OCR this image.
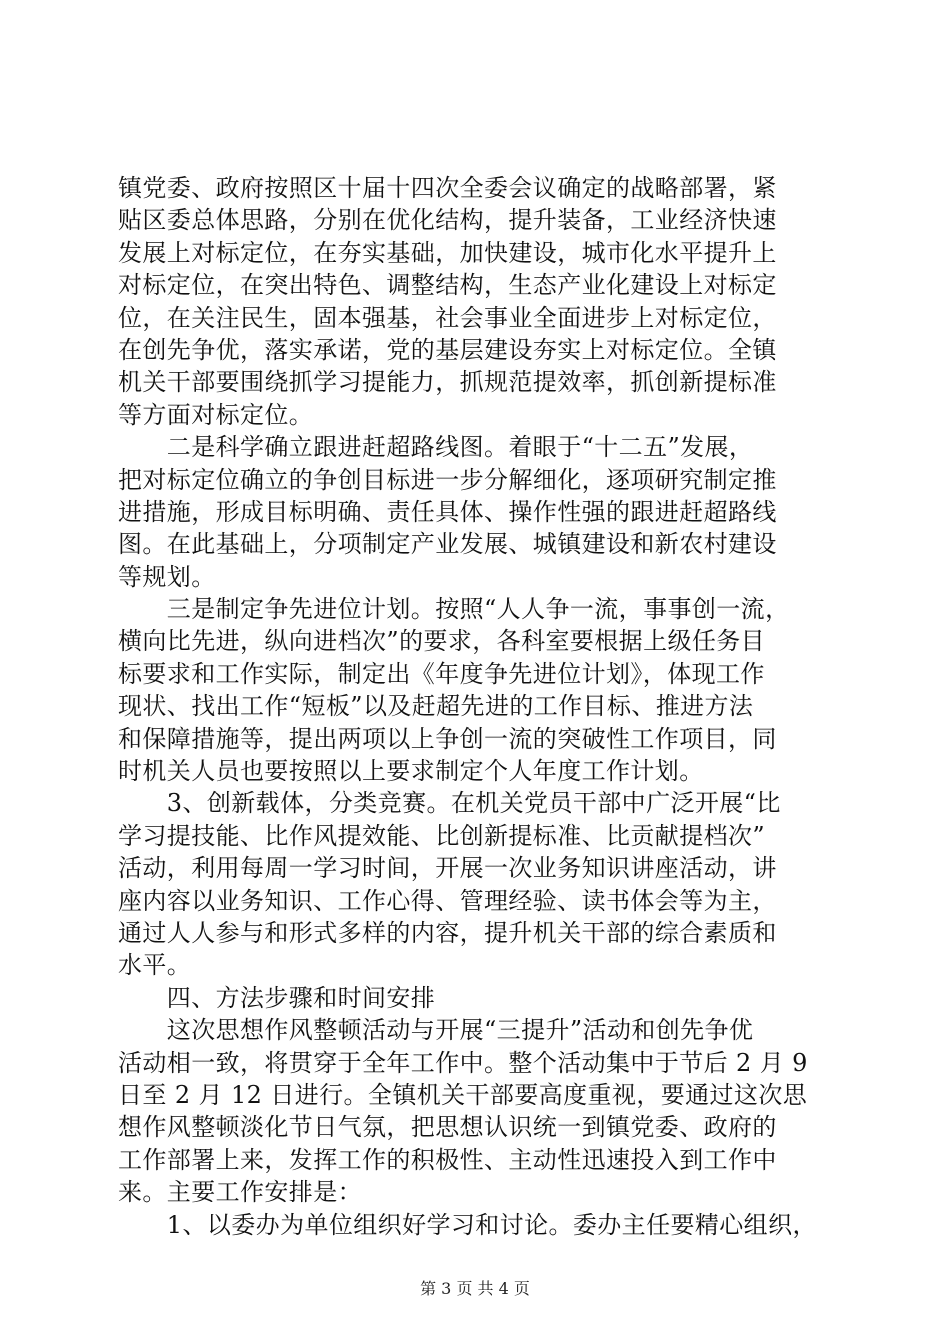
镇党委、政府按照区十届十四次全委会议确定的战略部署，紧
贴区委总体思路，分别在优化结构，提升装备，工业经济快速
发展上对标定位，在夯实基础，加快建设，城市化水平提升上
对标定位，在突出特色、调整结构，生态产业化建设上对标定
位，在关注民生，固本强基，社会事业全面进步上对标定位，
在创先争优，落实承诺，党的基层建设夯实上对标定位。全镇
机关干部要围绕抓学习提能力，抓规范提效率，抓创新提标准
等方面对标定位。
　　二是科学确立跟进赶超路线图。着眼于“十二五”发展，
把对标定位确立的争创目标进一步分解细化，逐项研究制定推
进措施，形成目标明确、责任具体、操作性强的跟进赶超路线
图。在此基础上，分项制定产业发展、城镇建设和新农村建设
等规划。
　　三是制定争先进位计划。按照“人人争一流，事事创一流，
横向比先进，纵向进档次”的要求，各科室要根据上级任务目
标要求和工作实际，制定出《年度争先进位计划》，体现工作
现状、找出工作“短板”以及赶超先进的工作目标、推进方法
和保障措施等，提出两项以上争创一流的突破性工作项目，同
时机关人员也要按照以上要求制定个人年度工作计划。
　　3、创新载体，分类竞赛。在机关党员干部中广泛开展“比
学习提技能、比作风提效能、比创新提标准、比贡献提档次”
活动，利用每周一学习时间，开展一次业务知识讲座活动，讲
座内容以业务知识、工作心得、管理经验、读书体会等为主，
通过人人参与和形式多样的内容，提升机关干部的综合素质和
水平。
　　四、方法步骤和时间安排
　　这次思想作风整顿活动与开展“三提升”活动和创先争优
活动相一致，将贯穿于全年工作中。整个活动集中于节后 2 月 9
日至 2 月 12 日进行。全镇机关干部要高度重视，要通过这次思
想作风整顿淡化节日气氛，把思想认识统一到镇党委、政府的
工作部署上来，发挥工作的积极性、主动性迅速投入到工作中
来。主要工作安排是：
　　1、以委办为单位组织好学习和讨论。委办主任要精心组织，
第 3 页 共 4 页
